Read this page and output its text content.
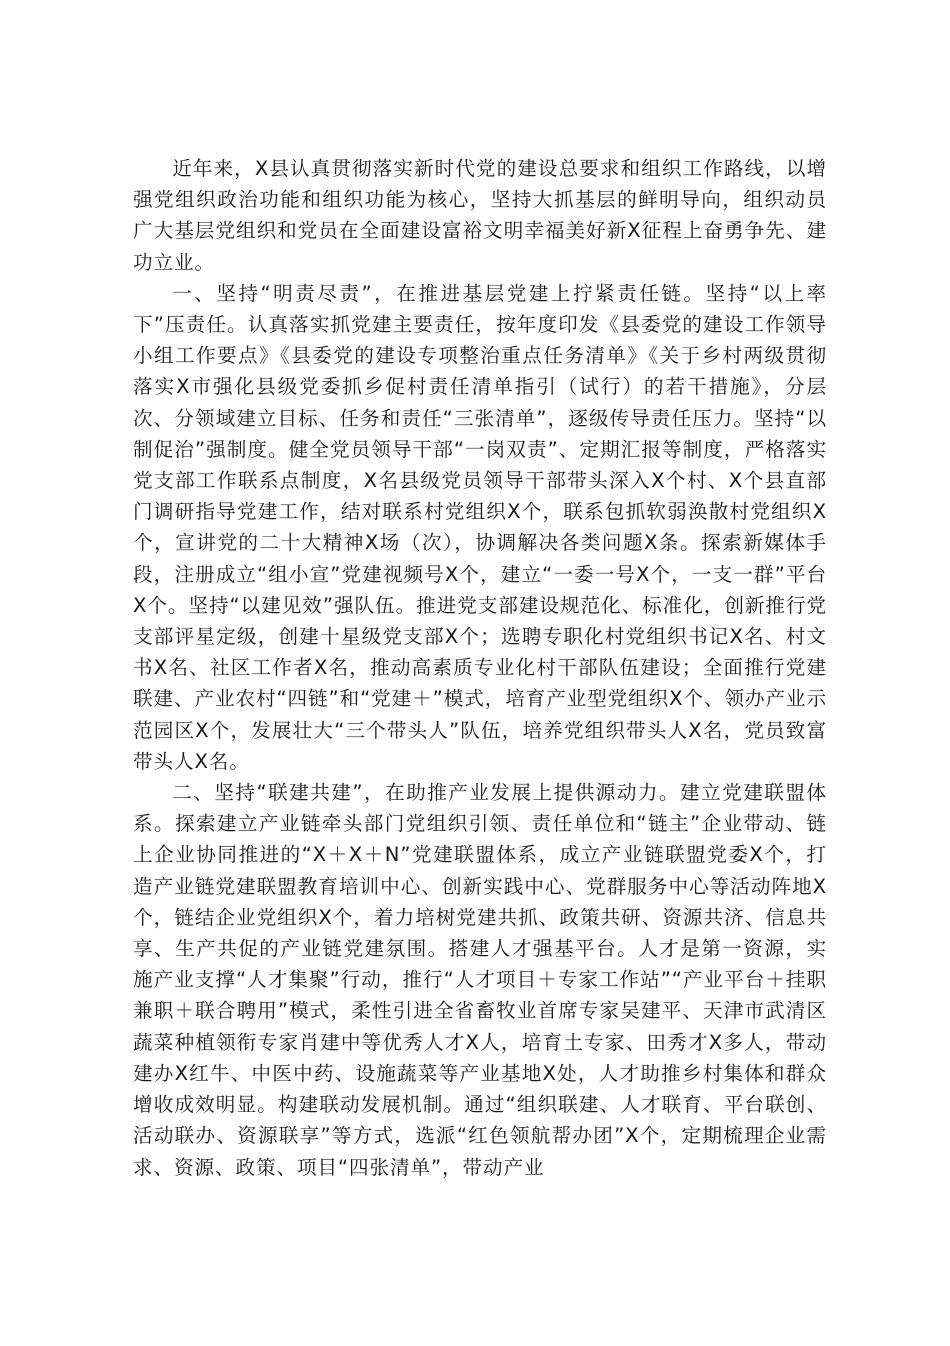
近年来，X县认真贯彻落实新时代党的建设总要求和组织工作路线，以增强党组织政治功能和组织功能为核心，坚持大抓基层的鲜明导向，组织动员广大基层党组织和党员在全面建设富裕文明幸福美好新X征程上奋勇争先、建功立业。

一、坚持“明责尽责”，在推进基层党建上拧紧责任链。坚持“以上率下”压责任。认真落实抓党建主要责任，按年度印发《县委党的建设工作领导小组工作要点》《县委党的建设专项整治重点任务清单》《关于乡村两级贯彻落实X市强化县级党委抓乡促村责任清单指引（试行）的若干措施》，分层次、分领域建立目标、任务和责任“三张清单”，逐级传导责任压力。坚持“以制促治”强制度。健全党员领导干部“一岗双责”、定期汇报等制度，严格落实党支部工作联系点制度，X名县级党员领导干部带头深入X个村、X个县直部门调研指导党建工作，结对联系村党组织X个，联系包抓软弱涣散村党组织X个，宣讲党的二十大精神X场（次），协调解决各类问题X条。探索新媒体手段，注册成立“组小宣”党建视频号X个，建立“一委一号X个，一支一群”平台X个。坚持“以建见效”强队伍。推进党支部建设规范化、标准化，创新推行党支部评星定级，创建十星级党支部X个；选聘专职化村党组织书记X名、村文书X名、社区工作者X名，推动高素质专业化村干部队伍建设；全面推行党建联建、产业农村“四链”和“党建＋”模式，培育产业型党组织X个、领办产业示范园区X个，发展壮大“三个带头人”队伍，培养党组织带头人X名，党员致富带头人X名。

二、坚持“联建共建”，在助推产业发展上提供源动力。建立党建联盟体系。探索建立产业链牵头部门党组织引领、责任单位和“链主”企业带动、链上企业协同推进的“X＋X＋N”党建联盟体系，成立产业链联盟党委X个，打造产业链党建联盟教育培训中心、创新实践中心、党群服务中心等活动阵地X个，链结企业党组织X个，着力培树党建共抓、政策共研、资源共济、信息共享、生产共促的产业链党建氛围。搭建人才强基平台。人才是第一资源，实施产业支撑“人才集聚”行动，推行“人才项目＋专家工作站”“产业平台＋挂职兼职＋联合聘用”模式，柔性引进全省畜牧业首席专家吴建平、天津市武清区蔬菜种植领衔专家肖建中等优秀人才X人，培育土专家、田秀才X多人，带动建办X红牛、中医中药、设施蔬菜等产业基地X处，人才助推乡村集体和群众增收成效明显。构建联动发展机制。通过“组织联建、人才联育、平台联创、活动联办、资源联享”等方式，选派“红色领航帮办团”X个，定期梳理企业需求、资源、政策、项目“四张清单”，带动产业
